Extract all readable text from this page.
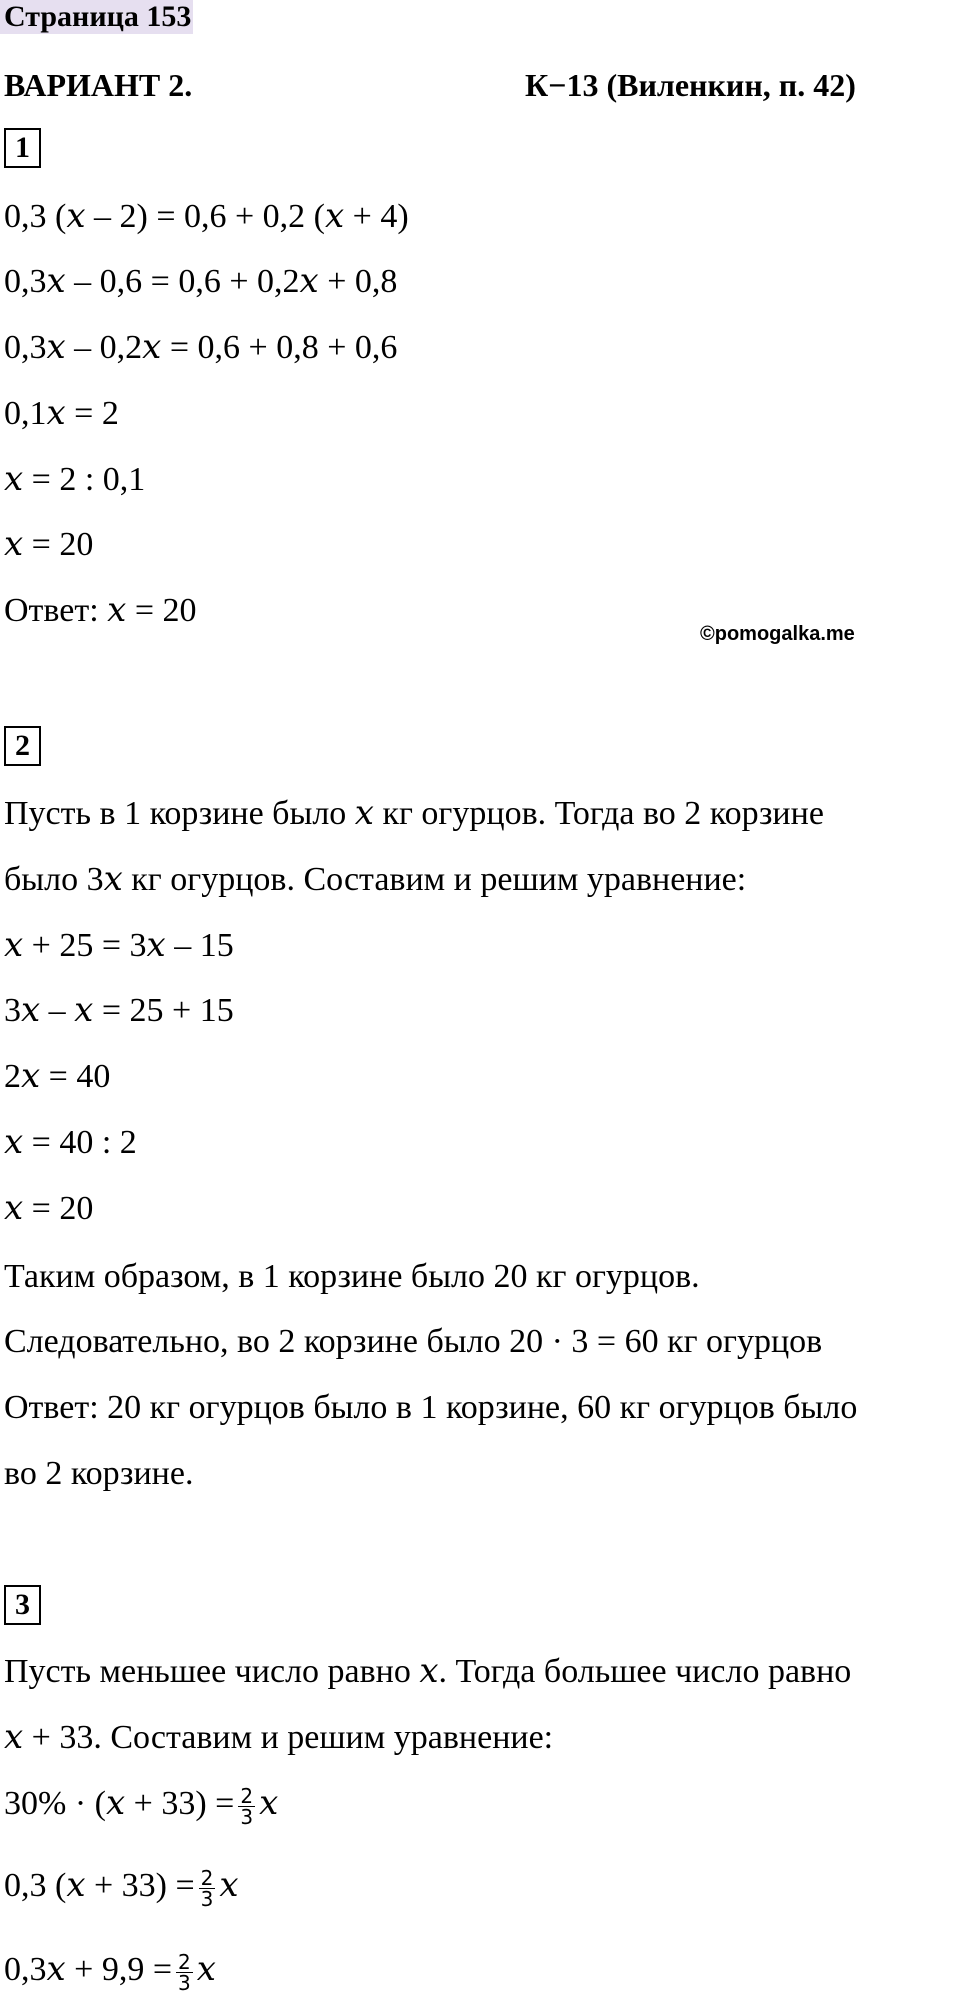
Страница 153
ВАРИАНТ 2.	К−13 (Виленкин, п. 42)
1
0,3 (𝑥 – 2) = 0,6 + 0,2 (𝑥 + 4)
0,3𝑥 – 0,6 = 0,6 + 0,2𝑥 + 0,8
0,3𝑥 – 0,2𝑥 = 0,6 + 0,8 + 0,6
0,1𝑥 = 2
𝑥 = 2 : 0,1
𝑥 = 20
Ответ: 𝑥 = 20
©pomogalka.me
2
Пусть в 1 корзине было 𝑥 кг огурцов. Тогда во 2 корзине
было 3𝑥 кг огурцов. Составим и решим уравнение:
𝑥 + 25 = 3𝑥 – 15
3𝑥 – 𝑥 = 25 + 15
2𝑥 = 40
𝑥 = 40 : 2
𝑥 = 20
Таким образом, в 1 корзине было 20 кг огурцов.
Следовательно, во 2 корзине было 20 · 3 = 60 кг огурцов
Ответ: 20 кг огурцов было в 1 корзине, 60 кг огурцов было
во 2 корзине.
3
Пусть меньшее число равно 𝑥. Тогда большее число равно
𝑥 + 33. Составим и решим уравнение:
30% · (𝑥 + $33) = \frac{2}{3}$ 𝑥
0,3 (𝑥 + $33) = \frac{2}{3}$ 𝑥
0,3𝑥 + $9,9 = \frac{2}{3}$ 𝑥
